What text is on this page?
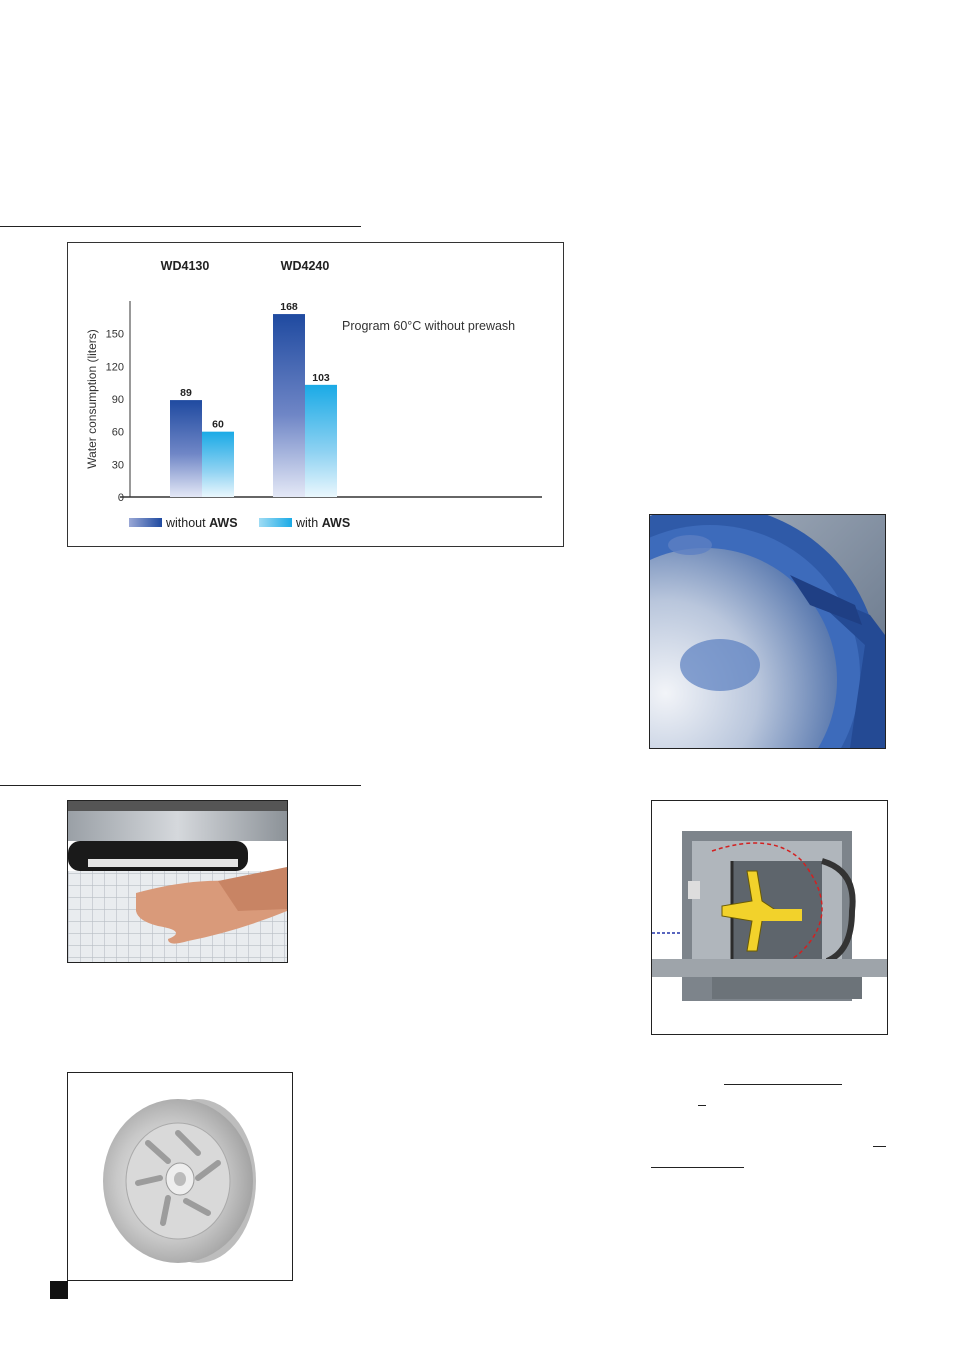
Water consumption (liters)
Program 60°C without prewash
WD4130	WD4240
0
30
60
90
120
150
89
168
60
103
without AWS	with AWS
